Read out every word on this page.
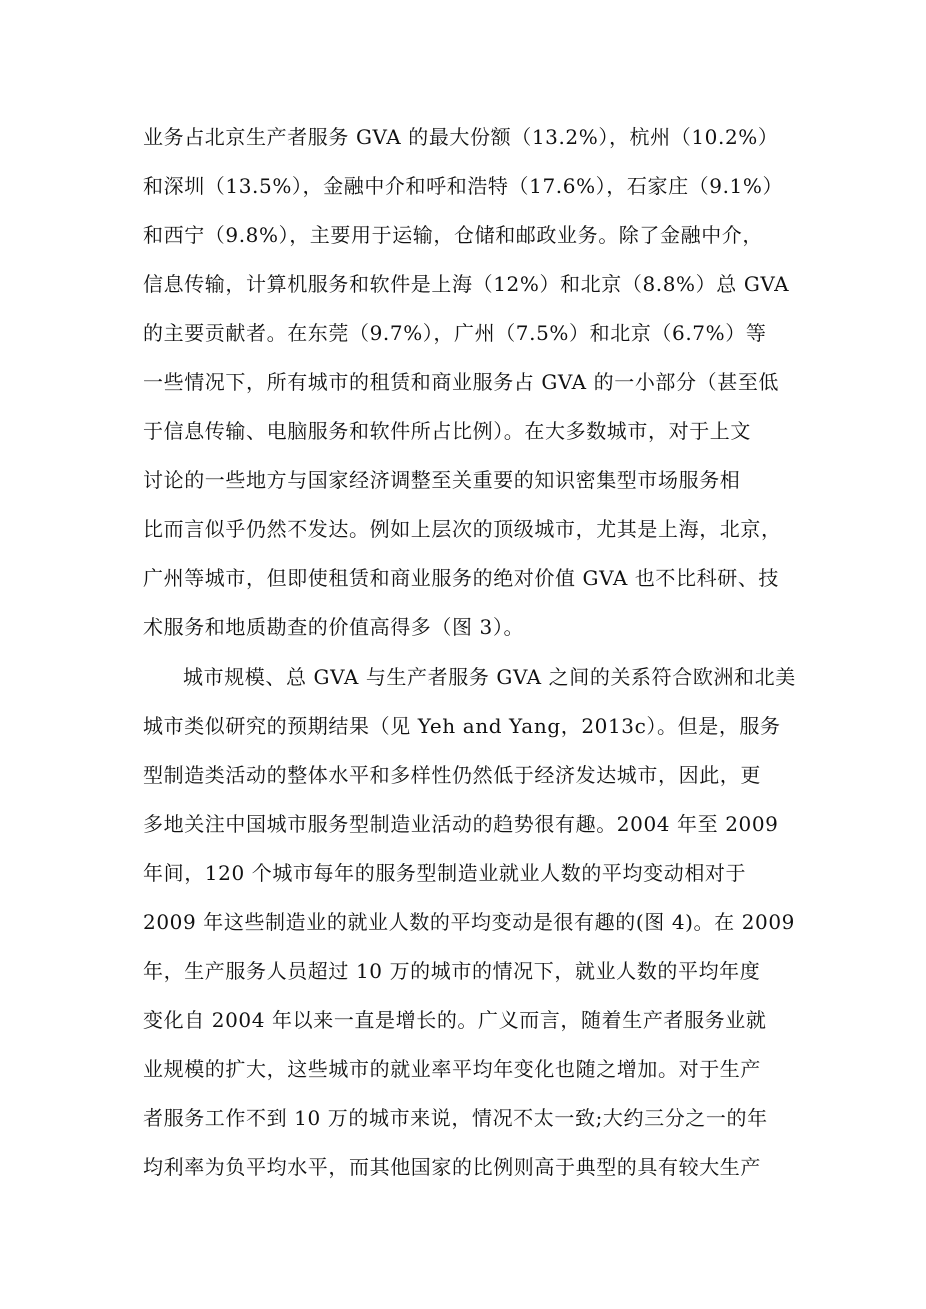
业务占北京生产者服务 GVA 的最大份额（13.2%），杭州（10.2%）
和深圳（13.5%），金融中介和呼和浩特（17.6%），石家庄（9.1%）
和西宁（9.8%），主要用于运输，仓储和邮政业务。除了金融中介，
信息传输，计算机服务和软件是上海（12%）和北京（8.8%）总 GVA
的主要贡献者。在东莞（9.7%），广州（7.5%）和北京（6.7%）等
一些情况下，所有城市的租赁和商业服务占 GVA 的一小部分（甚至低
于信息传输、电脑服务和软件所占比例）。在大多数城市，对于上文
讨论的一些地方与国家经济调整至关重要的知识密集型市场服务相
比而言似乎仍然不发达。例如上层次的顶级城市，尤其是上海，北京，
广州等城市，但即使租赁和商业服务的绝对价值 GVA 也不比科研、技
术服务和地质勘查的价值高得多（图 3）。
城市规模、总 GVA 与生产者服务 GVA 之间的关系符合欧洲和北美
城市类似研究的预期结果（见 Yeh and Yang，2013c）。但是，服务
型制造类活动的整体水平和多样性仍然低于经济发达城市，因此，更
多地关注中国城市服务型制造业活动的趋势很有趣。2004 年至 2009
年间，120 个城市每年的服务型制造业就业人数的平均变动相对于
2009 年这些制造业的就业人数的平均变动是很有趣的(图 4)。在 2009
年，生产服务人员超过 10 万的城市的情况下，就业人数的平均年度
变化自 2004 年以来一直是增长的。广义而言，随着生产者服务业就
业规模的扩大，这些城市的就业率平均年变化也随之增加。对于生产
者服务工作不到 10 万的城市来说，情况不太一致;大约三分之一的年
均利率为负平均水平，而其他国家的比例则高于典型的具有较大生产
